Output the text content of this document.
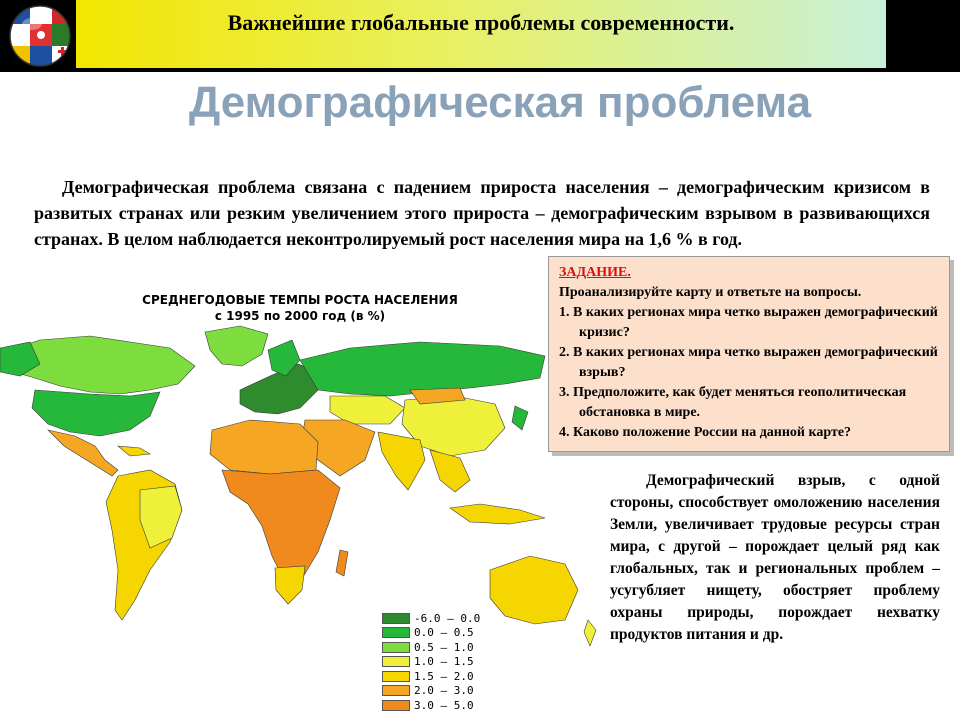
Важнейшие глобальные проблемы современности.
Демографическая проблема
Демографическая проблема связана с падением прироста населения – демографическим кризисом в развитых странах или резким увеличением этого прироста – демографическим взрывом в развивающихся странах. В целом наблюдается неконтролируемый рост населения мира на 1,6 % в год.
СРЕДНЕГОДОВЫЕ ТЕМПЫ РОСТА НАСЕЛЕНИЯ
с 1995 по 2000 год (в %)
-6.0 – 0.0
0.0 – 0.5
0.5 – 1.0
1.0 – 1.5
1.5 – 2.0
2.0 – 3.0
3.0 – 5.0
ЗАДАНИЕ.
Проанализируйте карту и ответьте на вопросы.
1. В каких регионах мира четко выражен демографический кризис?
2. В каких регионах мира четко выражен демографический взрыв?
3. Предположите, как будет меняться геополитическая обстановка в мире.
4. Каково положение России на данной карте?
Демографический взрыв, с одной стороны, способствует омоложению населения Земли, увеличивает трудовые ресурсы стран мира, с другой – порождает целый ряд как глобальных, так и региональных проблем – усугубляет нищету, обостряет проблему охраны природы, порождает нехватку продуктов питания и др.
